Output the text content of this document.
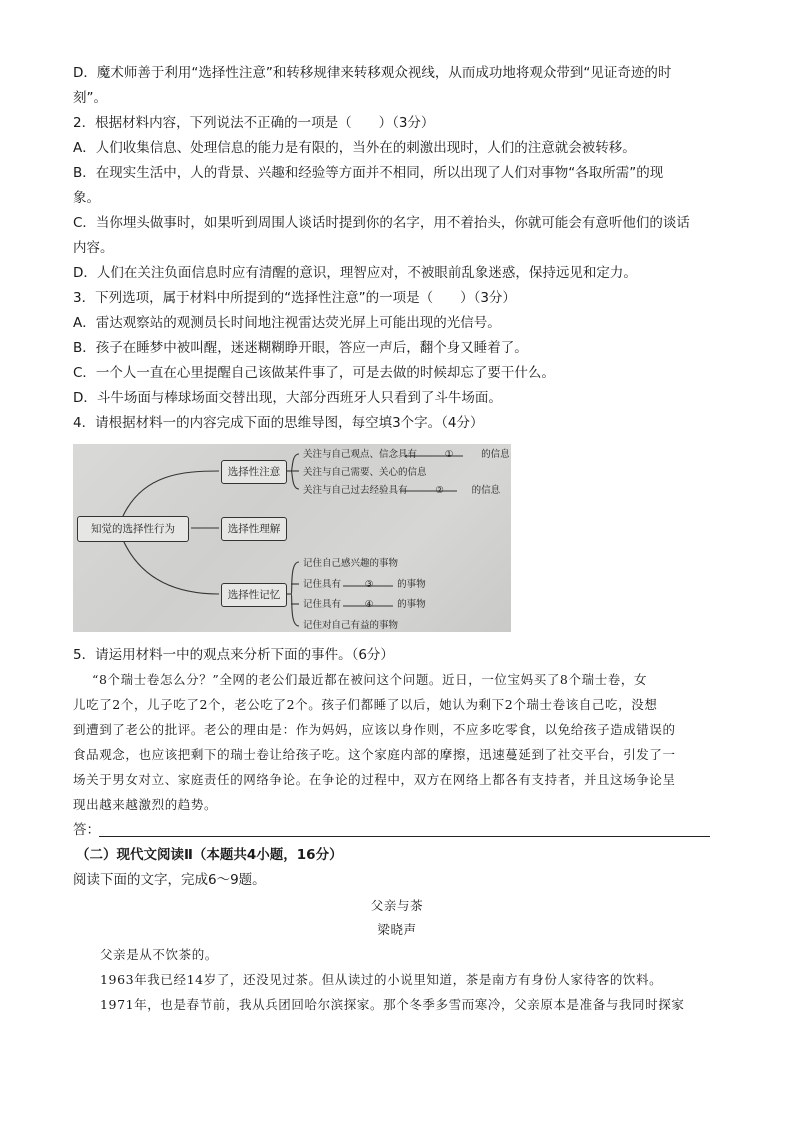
D．魔术师善于利用“选择性注意”和转移规律来转移观众视线，从而成功地将观众带到“见证奇迹的时
刻”。
2．根据材料内容，下列说法不正确的一项是（　　）（3分）
A．人们收集信息、处理信息的能力是有限的，当外在的刺激出现时，人们的注意就会被转移。
B．在现实生活中，人的背景、兴趣和经验等方面并不相同，所以出现了人们对事物“各取所需”的现
象。
C．当你埋头做事时，如果听到周围人谈话时提到你的名字，用不着抬头，你就可能会有意听他们的谈话
内容。
D．人们在关注负面信息时应有清醒的意识，理智应对，不被眼前乱象迷惑，保持远见和定力。
3．下列选项，属于材料中所提到的“选择性注意”的一项是（　　）（3分）
A．雷达观察站的观测员长时间地注视雷达荧光屏上可能出现的光信号。
B．孩子在睡梦中被叫醒，迷迷糊糊睁开眼，答应一声后，翻个身又睡着了。
C．一个人一直在心里提醒自己该做某件事了，可是去做的时候却忘了要干什么。
D．斗牛场面与棒球场面交替出现，大部分西班牙人只看到了斗牛场面。
4．请根据材料一的内容完成下面的思维导图，每空填3个字。（4分）
知觉的选择性行为
选择性注意
选择性理解
选择性记忆
关注与自己观点、信念具有	①	的信息
关注与自己需要、关心的信息
关注与自己过去经验具有	②	的信息
记住自己感兴趣的事物
记住具有	③	的事物
记住具有	④	的事物
记住对自己有益的事物
5．请运用材料一中的观点来分析下面的事件。（6分）
“8个瑞士卷怎么分？”全网的老公们最近都在被问这个问题。近日，一位宝妈买了8个瑞士卷，女
儿吃了2个，儿子吃了2个，老公吃了2个。孩子们都睡了以后，她认为剩下2个瑞士卷该自己吃，没想
到遭到了老公的批评。老公的理由是：作为妈妈，应该以身作则，不应多吃零食，以免给孩子造成错误的
食品观念，也应该把剩下的瑞士卷让给孩子吃。这个家庭内部的摩擦，迅速蔓延到了社交平台，引发了一
场关于男女对立、家庭责任的网络争论。在争论的过程中，双方在网络上都各有支持者，并且这场争论呈
现出越来越激烈的趋势。
答：
（二）现代文阅读Ⅱ（本题共4小题，16分）
阅读下面的文字，完成6～9题。
父亲与茶
梁晓声
父亲是从不饮茶的。
1963年我已经14岁了，还没见过茶。但从读过的小说里知道，茶是南方有身份人家待客的饮料。
1971年，也是春节前，我从兵团回哈尔滨探家。那个冬季多雪而寒冷，父亲原本是准备与我同时探家
